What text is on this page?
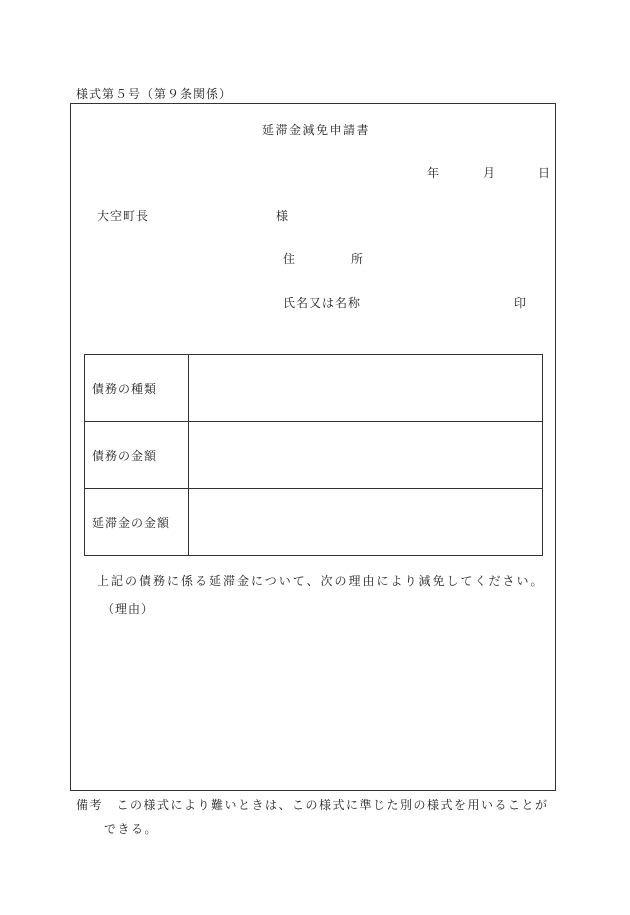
様式第５号（第９条関係）
延滞金減免申請書
年	月	日
大空町長	様
住	所
氏名又は名称	印
債務の種類	
債務の金額	
延滞金の金額	
上記の債務に係る延滞金について、次の理由により減免してください。
（理由）
備考　この様式により難いときは、この様式に準じた別の様式を用いることが
できる。
